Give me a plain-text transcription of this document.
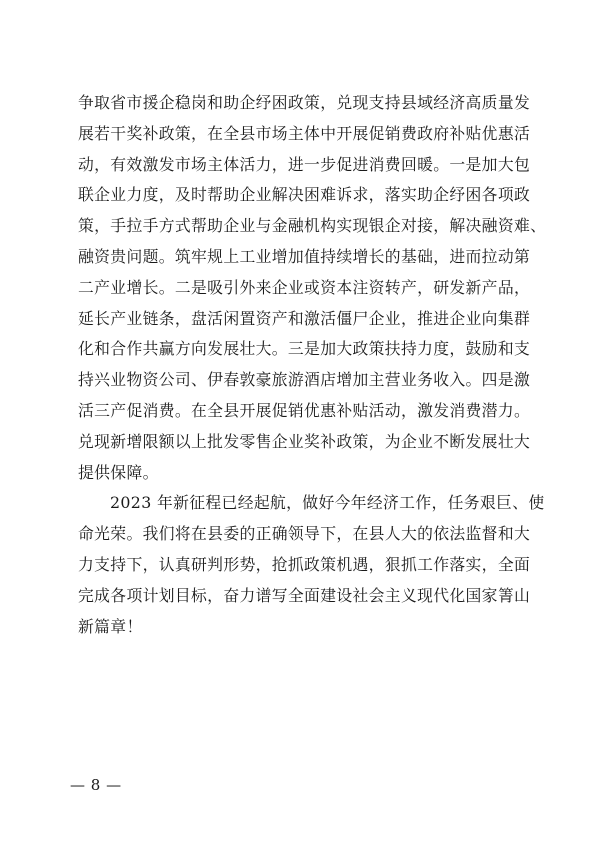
争取省市援企稳岗和助企纾困政策，兑现支持县域经济高质量发
展若干奖补政策，在全县市场主体中开展促销费政府补贴优惠活
动，有效激发市场主体活力，进一步促进消费回暖。一是加大包
联企业力度，及时帮助企业解决困难诉求，落实助企纾困各项政
策，手拉手方式帮助企业与金融机构实现银企对接，解决融资难、
融资贵问题。筑牢规上工业增加值持续增长的基础，进而拉动第
二产业增长。二是吸引外来企业或资本注资转产，研发新产品，
延长产业链条，盘活闲置资产和激活僵尸企业，推进企业向集群
化和合作共赢方向发展壮大。三是加大政策扶持力度，鼓励和支
持兴业物资公司、伊春敦豪旅游酒店增加主营业务收入。四是激
活三产促消费。在全县开展促销优惠补贴活动，激发消费潜力。
兑现新增限额以上批发零售企业奖补政策，为企业不断发展壮大
提供保障。
2023 年新征程已经起航，做好今年经济工作，任务艰巨、使
命光荣。我们将在县委的正确领导下，在县人大的依法监督和大
力支持下，认真研判形势，抢抓政策机遇，狠抓工作落实，全面
完成各项计划目标，奋力谱写全面建设社会主义现代化国家箐山
新篇章！
— 8 —
